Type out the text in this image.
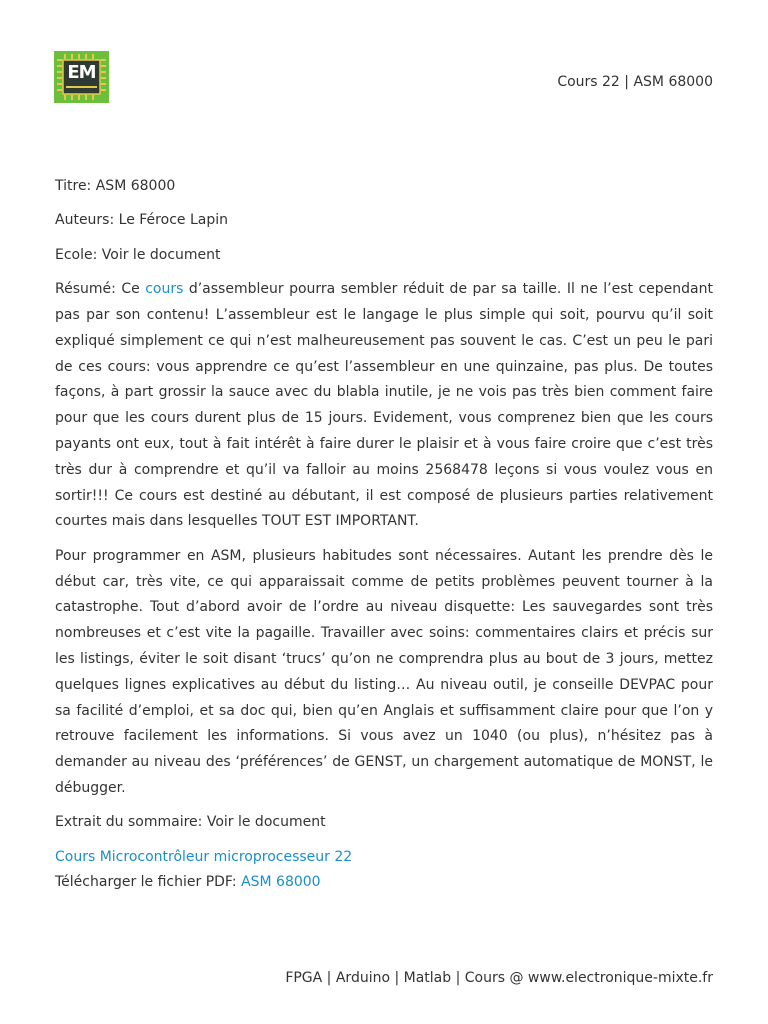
EM	Cours 22 | ASM 68000

Titre: ASM 68000

Auteurs: Le Féroce Lapin

Ecole: Voir le document

Résumé: Ce cours d’assembleur pourra sembler réduit de par sa taille. Il ne l’est cependant pas par son contenu! L’assembleur est le langage le plus simple qui soit, pourvu qu’il soit expliqué simplement ce qui n’est malheureusement pas souvent le cas. C’est un peu le pari de ces cours: vous apprendre ce qu’est l’assembleur en une quinzaine, pas plus. De toutes façons, à part grossir la sauce avec du blabla inutile, je ne vois pas très bien comment faire pour que les cours durent plus de 15 jours. Evidement, vous comprenez bien que les cours payants ont eux, tout à fait intérêt à faire durer le plaisir et à vous faire croire que c’est très très dur à comprendre et qu’il va falloir au moins 2568478 leçons si vous voulez vous en sortir!!! Ce cours est destiné au débutant, il est composé de plusieurs parties relativement courtes mais dans lesquelles TOUT EST IMPORTANT.

Pour programmer en ASM, plusieurs habitudes sont nécessaires. Autant les prendre dès le début car, très vite, ce qui apparaissait comme de petits problèmes peuvent tourner à la catastrophe. Tout d’abord avoir de l’ordre au niveau disquette: Les sauvegardes sont très nombreuses et c’est vite la pagaille. Travailler avec soins: commentaires clairs et précis sur les listings, éviter le soit disant ‘trucs’ qu’on ne comprendra plus au bout de 3 jours, mettez quelques lignes explicatives au début du listing… Au niveau outil, je conseille DEVPAC pour sa facilité d’emploi, et sa doc qui, bien qu’en Anglais et suffisamment claire pour que l’on y retrouve facilement les informations. Si vous avez un 1040 (ou plus), n’hésitez pas à demander au niveau des ‘préférences’ de GENST, un chargement automatique de MONST, le débugger.

Extrait du sommaire: Voir le document

Cours Microcontrôleur microprocesseur 22
Télécharger le fichier PDF: ASM 68000
FPGA | Arduino | Matlab | Cours @ www.electronique-mixte.fr
